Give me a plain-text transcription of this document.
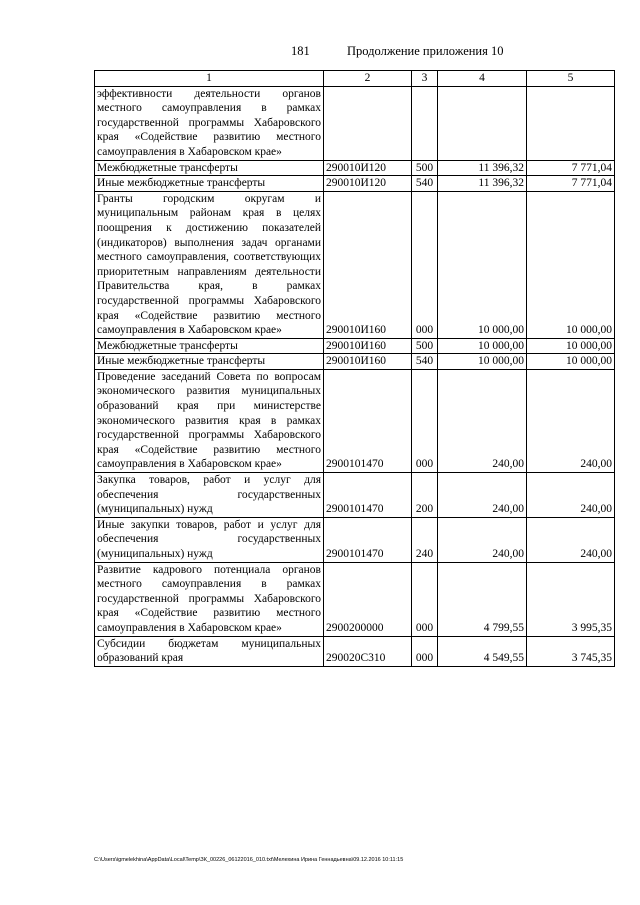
181	Продолжение приложения 10
1	2	3	4	5

эффективности деятельности органов местного самоуправления в рамках государственной программы Хабаровского края «Содействие развитию местного самоуправления в Хабаровском крае»				

Межбюджетные трансферты	290010И120	500	11 396,32	7 771,04

Иные межбюджетные трансферты	290010И120	540	11 396,32	7 771,04

Гранты городским округам и муниципальным районам края в целях поощрения к достижению показателей (индикаторов) выполнения задач органами местного самоуправления, соответствующих приоритетным направлениям деятельности Правительства края, в рамках государственной программы Хабаровского края «Содействие развитию местного самоуправления в Хабаровском крае»	290010И160	000	10 000,00	10 000,00

Межбюджетные трансферты	290010И160	500	10 000,00	10 000,00

Иные межбюджетные трансферты	290010И160	540	10 000,00	10 000,00

Проведение заседаний Совета по вопросам экономического развития муниципальных образований края при министерстве экономического развития края в рамках государственной программы Хабаровского края «Содействие развитию местного самоуправления в Хабаровском крае»	2900101470	000	240,00	240,00

Закупка товаров, работ и услуг для обеспечения государственных (муниципальных) нужд	2900101470	200	240,00	240,00

Иные закупки товаров, работ и услуг для обеспечения государственных (муниципальных) нужд	2900101470	240	240,00	240,00

Развитие кадрового потенциала органов местного самоуправления в рамках государственной программы Хабаровского края «Содействие развитию местного самоуправления в Хабаровском крае»	2900200000	000	4 799,55	3 995,35

Субсидии бюджетам муниципальных образований края	290020С310	000	4 549,55	3 745,35
C:\Users\igmelekhina\AppData\Local\Temp\ЗК_00226_06122016_010.txt\Мелехина Ирина Геннадьевна\09.12.2016 10:11:15
